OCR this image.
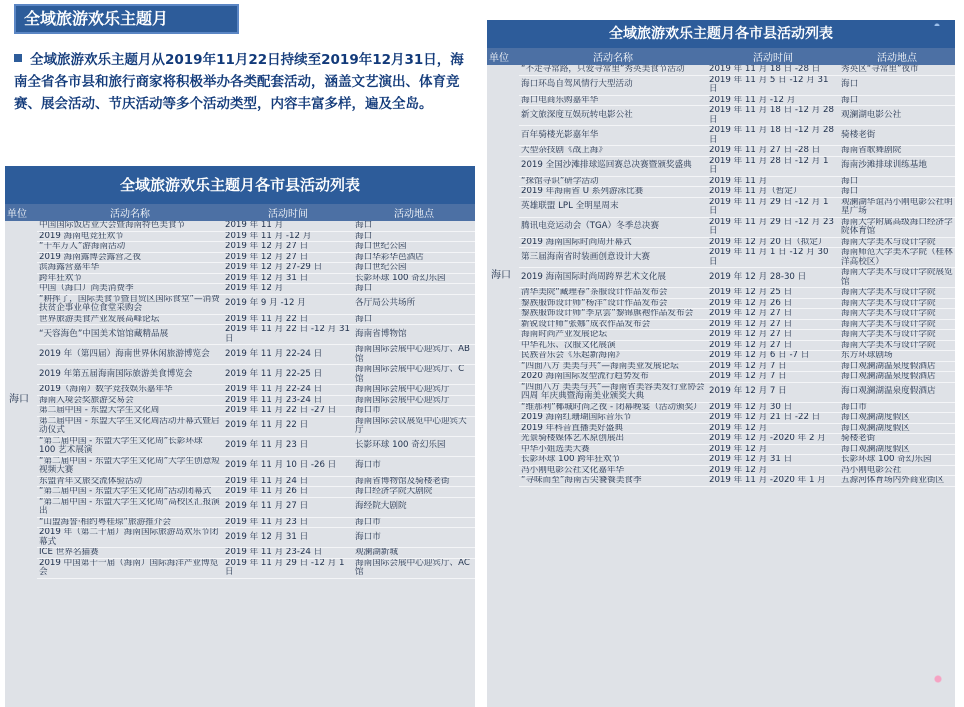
全域旅游欢乐主题月
全域旅游欢乐主题月从2019年11月22日持续至2019年12月31日，海南全省各市县和旅行商家将积极举办各类配套活动，涵盖文艺演出、体育竞赛、展会活动、节庆活动等多个活动类型，内容丰富多样，遍及全岛。
全域旅游欢乐主题月各市县活动列表
单位	活动名称	活动时间	活动地点
海口	中国国际饭店业大会暨海南特色美食节	2019 年 11 月	海口
	2019 海南电竞狂欢节	2019 年 11 月 -12 月	海口
	“千车万人”游海南活动	2019 年 12 月 27 日	海口世纪公园
	2019 海南露博会露营之夜	2019 年 12 月 27 日	海口华彩华邑酒店
	滨海露营嘉年华	2019 年 12 月 27-29 日	海口世纪公园
	跨年狂欢节	2019 年 12 月 31 日	长影环球 100 奇幻乐园
	中国（海口）尚美消费季	2019 年 12 月	海口
	“耕挥了，国际美食节暨自贸区国际食堂”—消费扶贫企事业单位食堂采购会	2019 年 9 月 -12 月	各厅局公共场所
	世界旅游美食产业发展高峰论坛	2019 年 11 月 22 日	海口
	“天容海色”中国美术馆馆藏精品展	2019 年 11 月 22 日 -12 月 31 日	海南省博物馆
	2019 年（第四届）海南世界休闲旅游博览会	2019 年 11 月 22-24 日	海南国际会展中心迎宾厅、AB 馆
	2019 年第五届海南国际旅游美食博览会	2019 年 11 月 22-25 日	海南国际会展中心迎宾厅、C 馆
	2019（海南）数字竞技娱乐嘉年华	2019 年 11 月 22-24 日	海南国际会展中心迎宾厅
	海南入境会奖旅游交易会	2019 年 11 月 23-24 日	海南国际会展中心迎宾厅
	第二届中国 - 东盟大学生文化周	2019 年 11 月 22 日 -27 日	海口市
	第二届中国 - 东盟大学生文化周活动开幕式暨启动仪式	2019 年 11 月 22 日	海南国际会议展览中心迎宾大厅
	“第二届中国 - 东盟大学生文化周”长影环球 100 艺术展演	2019 年 11 月 23 日	长影环球 100 奇幻乐园
	“第二届中国 - 东盟大学生文化周”大学生创意短视频大赛	2019 年 11 月 10 日 -26 日	海口市
	东盟青年文旅交流体验活动	2019 年 11 月 24 日	海南省博物馆及骑楼老街
	“第二届中国 - 东盟大学生文化周”活动闭幕式	2019 年 11 月 26 日	海口经济学院大剧院
	“第二届中国 - 东盟大学生文化周”高校区汇报演出	2019 年 11 月 27 日	海经院大剧院
	“山盟海誓·相约粤桂琼”旅游推介会	2019 年 11 月 23 日	海口市
	2019 年（第二十届）海南国际旅游岛欢乐节闭幕式	2019 年 12 月 31 日	海口市
	ICE 世界名猫赛	2019 年 11 月 23-24 日	观澜湖新城
	2019 中国第十一届（海南）国际海洋产业博览会	2019 年 11 月 29 日 -12 月 1 日	海南国际会展中心迎宾厅、AC 馆
全域旅游欢乐主题月各市县活动列表
单位	活动名称	活动时间	活动地点
海口	“不走寻常路，只爱寻常里”秀英美食节活动	2019 年 11 月 18 日 -28 日	秀英区“寻常里”夜市
	海口环岛自驾风情行大型活动	2019 年 11 月 5 日 -12 月 31 日	海口
	海口电商乐购嘉年华	2019 年 11 月 -12 月	海口
	新文旅深度互娱玩转电影公社	2019 年 11 月 18 日 -12 月 28 日	观澜湖电影公社
	百年骑楼光影嘉年华	2019 年 11 月 18 日 -12 月 28 日	骑楼老街
	大型杂技剧《战上海》	2019 年 11 月 27 日 -28 日	海南省歌舞剧院
	2019 全国沙滩排球巡回赛总决赛暨颁奖盛典	2019 年 11 月 28 日 -12 月 1 日	海南沙滩排球训练基地
	“探馆寻识”研学活动	2019 年 11 月	海口
	2019 年海南省 U 系列游泳比赛	2019 年 11 月（暂定）	海口
	英雄联盟 LPL 全明星周末	2019 年 11 月 29 日 -12 月 1 日	观澜湖华谊冯小刚电影公社明星广场
	腾讯电竞运动会（TGA）冬季总决赛	2019 年 11 月 29 日 -12 月 23 日	海南大学附属高级海口经济学院体育馆
	2019 海南国际时尚周开幕式	2019 年 12 月 20 日（拟定）	海南大学美术与设计学院
	第三届海南省时装画创意设计大赛	2019 年 11 月 1 日 -12 月 30 日	海南师范大学美术学院（桂林洋高校区）
	2019 海南国际时尚周跨界艺术文化展	2019 年 12 月 28-30 日	海南大学美术与设计学院展览馆
	清华美院“藏理春”茶服设计作品发布会	2019 年 12 月 25 日	海南大学美术与设计学院
	黎族服饰设计师“杨洋”设计作品发布会	2019 年 12 月 26 日	海南大学美术与设计学院
	黎族服饰设计师“李京雲”黎锦旗袍作品发布会	2019 年 12 月 27 日	海南大学美术与设计学院
	新锐设计师“张娜”成衣作品发布会	2019 年 12 月 27 日	海南大学美术与设计学院
	海南时尚产业发展论坛	2019 年 12 月 27 日	海南大学美术与设计学院
	中华礼乐、汉服文化展演	2019 年 12 月 27 日	海南大学美术与设计学院
	民族音乐会《乐起新海南》	2019 年 12 月 6 日 -7 日	东方环球剧场
	“四面八方 美美与共”—海南美业发展论坛	2019 年 12 月 7 日	海口观澜湖温泉度假酒店
	2020 海南国际发型流行趋势发布	2019 年 12 月 7 日	海口观澜湖温泉度假酒店
	“四面八方 美美与共”—海南省美容美发行业协会四周 年庆典暨海南美业颁奖大典	2019 年 12 月 7 日	海口观澜湖温泉度假酒店
	“维那利”椰城时尚之夜 - 闭幕晚宴（活动颁奖）	2019 年 12 月 30 日	海口市
	2019 海南红珊瑚国际音乐节	2019 年 12 月 21 日 -22 日	海口观澜湖度假区
	2019 年科音直播美好盛典	2019 年 12 月	海口观澜湖度假区
	光景骑楼媒体艺术原创展出	2019 年 12 月 -2020 年 2 月	骑楼老街
	中华小姐选美大赛	2019 年 12 月	海口观澜湖度假区
	长影环球 100 跨年狂欢节	2019 年 12 月 31 日	长影环球 100 奇幻乐园
	冯小刚电影公社文化嘉年华	2019 年 12 月	冯小刚电影公社
	“寻味而至”海南舌尖饕餮美食季	2019 年 11 月 -2020 年 1 月	五源河体育场内外商业街区
